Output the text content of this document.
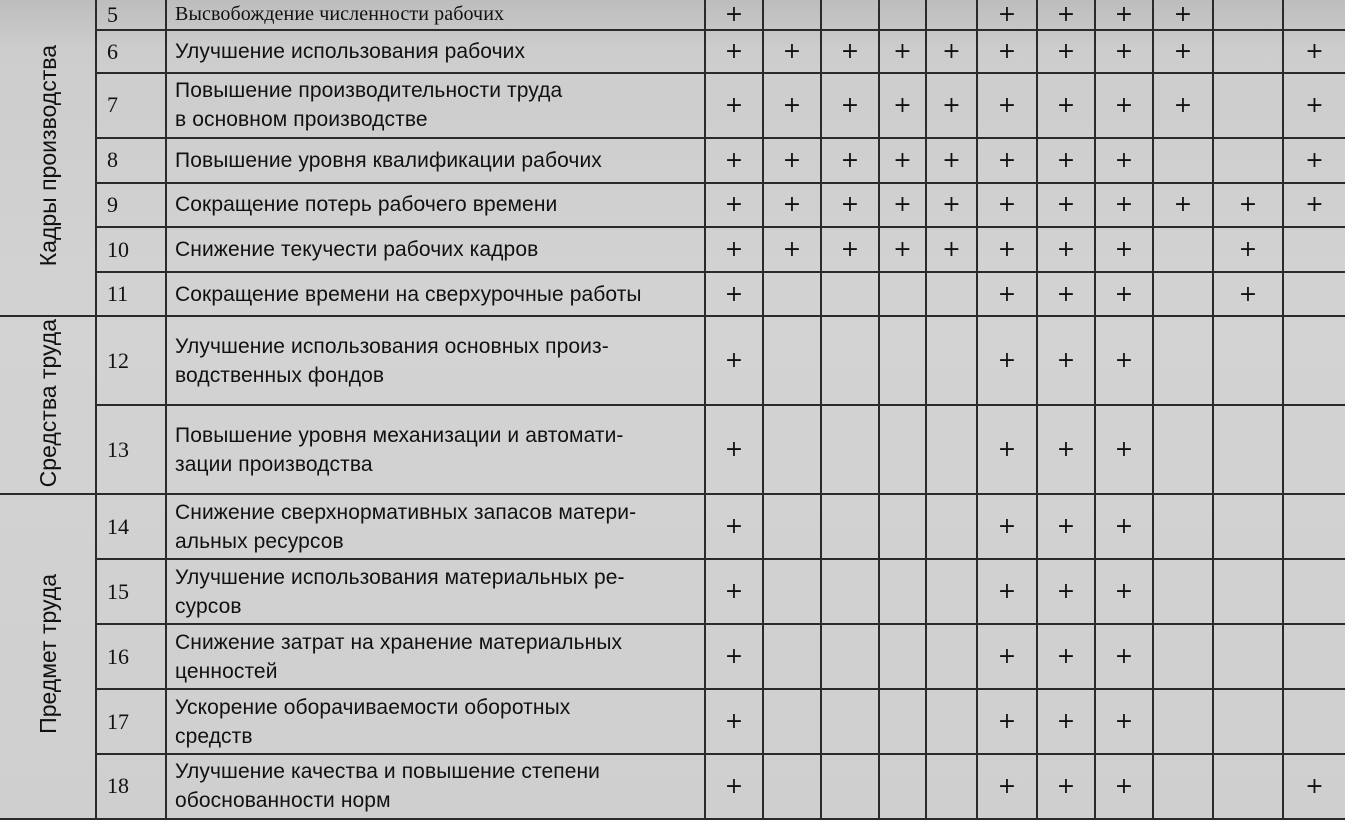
Кадры производства	5	Высвобождение численности рабочих	+					+	+	+	+		
	6	Улучшение использования рабочих	+	+	+	+	+	+	+	+	+		+
	7	Повышение производительности труда
в основном производстве	+	+	+	+	+	+	+	+	+		+
	8	Повышение уровня квалификации рабочих	+	+	+	+	+	+	+	+			+
	9	Сокращение потерь рабочего времени	+	+	+	+	+	+	+	+	+	+	+
	10	Снижение текучести рабочих кадров	+	+	+	+	+	+	+	+		+	
	11	Сокращение времени на сверхурочные работы	+					+	+	+		+	
Средства труда	12	Улучшение использования основных произ-
водственных фондов	+					+	+	+			
	13	Повышение уровня механизации и автомати-
зации производства	+					+	+	+			
Предмет труда	14	Снижение сверхнормативных запасов матери-
альных ресурсов	+					+	+	+			
	15	Улучшение использования материальных ре-
сурсов	+					+	+	+			
	16	Снижение затрат на хранение материальных
ценностей	+					+	+	+			
	17	Ускорение оборачиваемости оборотных
средств	+					+	+	+			
	18	Улучшение качества и повышение степени
обоснованности норм	+					+	+	+			+
